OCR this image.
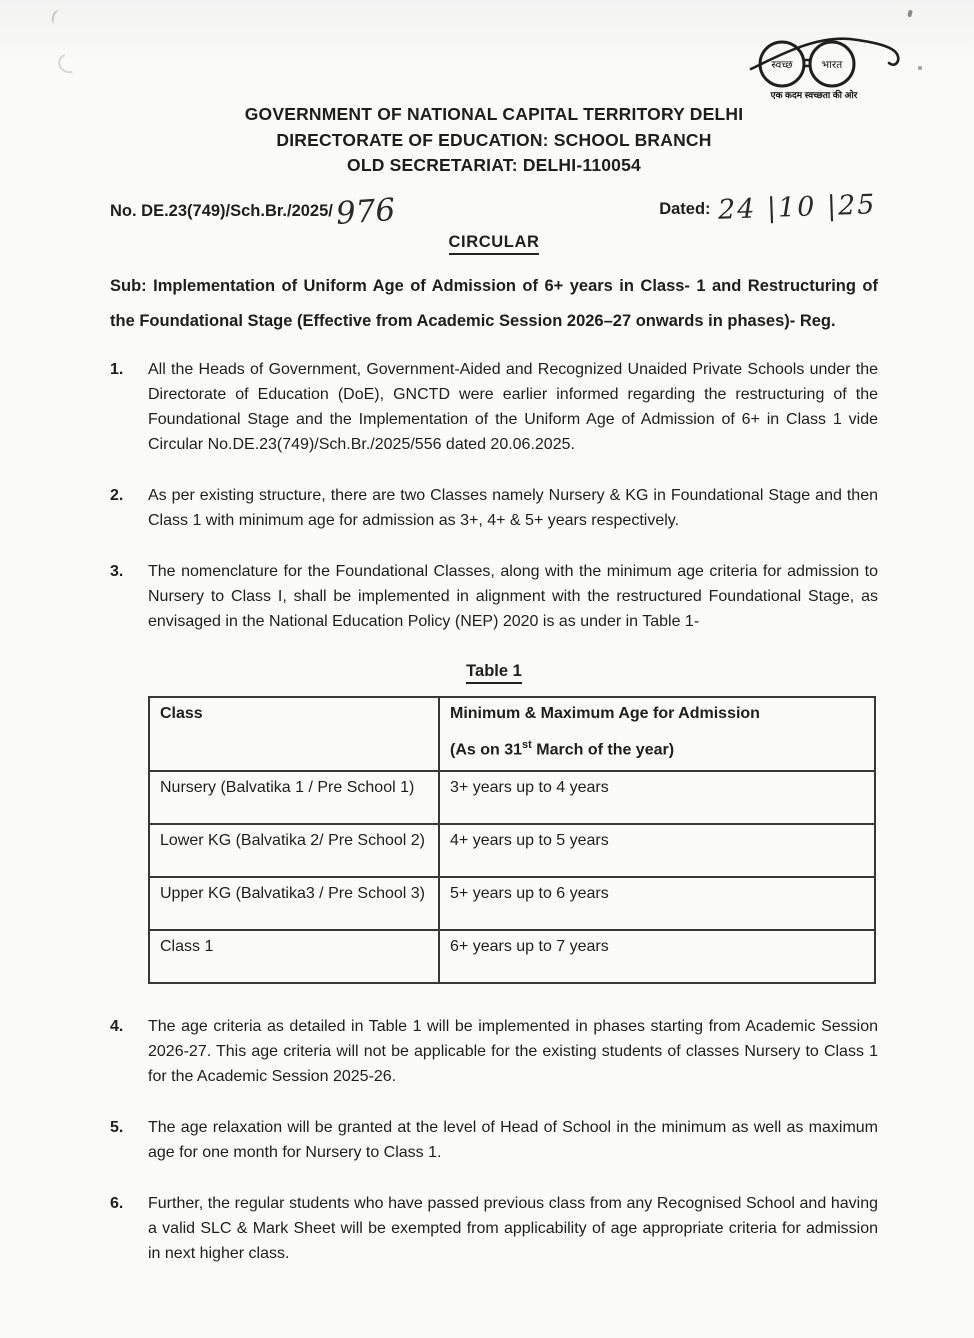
स्वच्छ	भारत
एक कदम स्वच्छता की ओर
GOVERNMENT OF NATIONAL CAPITAL TERRITORY DELHI
DIRECTORATE OF EDUCATION: SCHOOL BRANCH
OLD SECRETARIAT: DELHI-110054
No. DE.23(749)/Sch.Br./2025/976	Dated: 24 |10 |25
CIRCULAR
Sub: Implementation of Uniform Age of Admission of 6+ years in Class- 1 and Restructuring of the Foundational Stage (Effective from Academic Session 2026–27 onwards in phases)- Reg.
1.	All the Heads of Government, Government-Aided and Recognized Unaided Private Schools under the Directorate of Education (DoE), GNCTD were earlier informed regarding the restructuring of the Foundational Stage and the Implementation of the Uniform Age of Admission of 6+ in Class 1 vide Circular No.DE.23(749)/Sch.Br./2025/556 dated 20.06.2025.
2.	As per existing structure, there are two Classes namely Nursery & KG in Foundational Stage and then Class 1 with minimum age for admission as 3+, 4+ & 5+ years respectively.
3.	The nomenclature for the Foundational Classes, along with the minimum age criteria for admission to Nursery to Class I, shall be implemented in alignment with the restructured Foundational Stage, as envisaged in the National Education Policy (NEP) 2020 is as under in Table 1-
Table 1
Class	Minimum & Maximum Age for Admission
(As on 31st March of the year)

Nursery (Balvatika 1 / Pre School 1)	3+ years up to 4 years
Lower KG (Balvatika 2/ Pre School 2)	4+ years up to 5 years
Upper KG (Balvatika3 / Pre School 3)	5+ years up to 6 years
Class 1	6+ years up to 7 years
4.	The age criteria as detailed in Table 1 will be implemented in phases starting from Academic Session 2026-27. This age criteria will not be applicable for the existing students of classes Nursery to Class 1 for the Academic Session 2025-26.
5.	The age relaxation will be granted at the level of Head of School in the minimum as well as maximum age for one month for Nursery to Class 1.
6.	Further, the regular students who have passed previous class from any Recognised School and having a valid SLC & Mark Sheet will be exempted from applicability of age appropriate criteria for admission in next higher class.
